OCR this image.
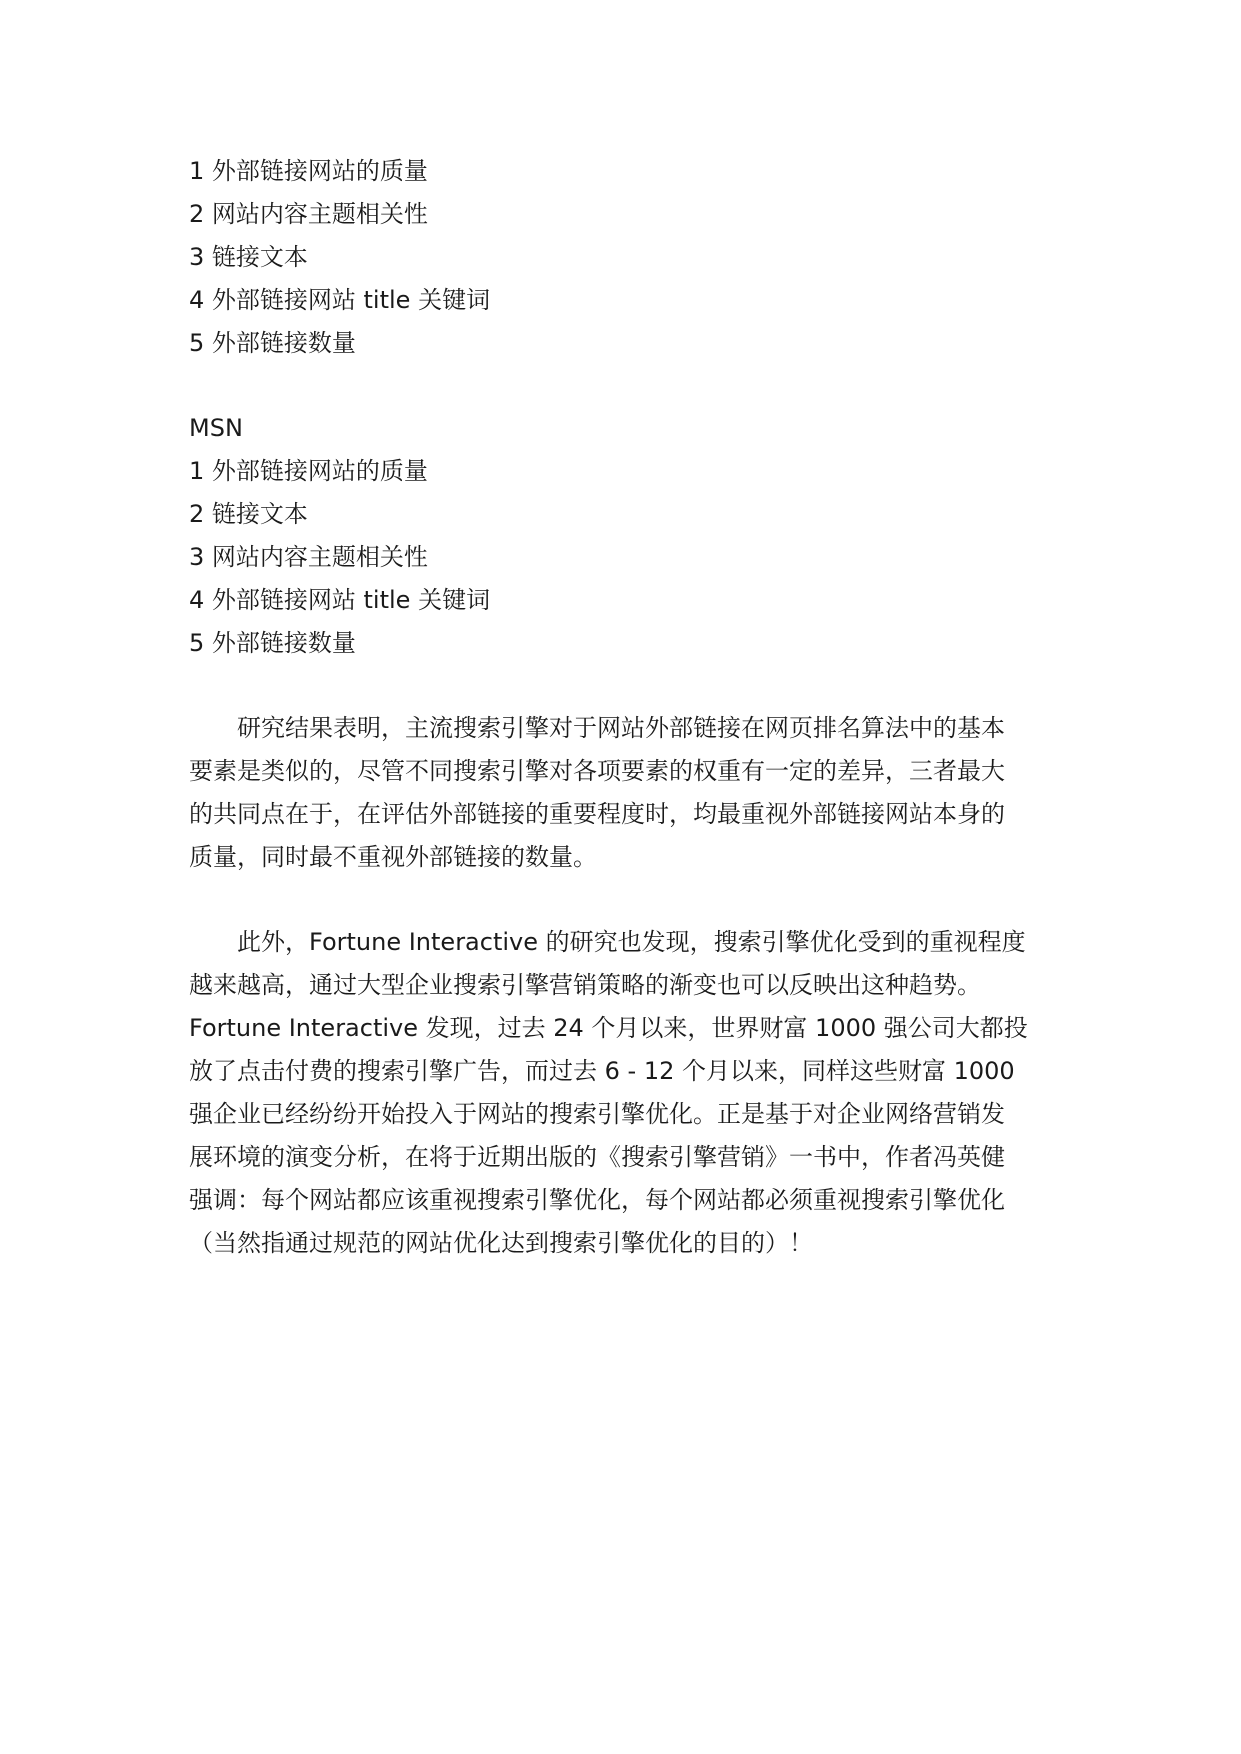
1 外部链接网站的质量

2 网站内容主题相关性

3 链接文本

4 外部链接网站 title 关键词

5 外部链接数量

MSN

1 外部链接网站的质量

2 链接文本

3 网站内容主题相关性

4 外部链接网站 title 关键词

5 外部链接数量

研究结果表明，主流搜索引擎对于网站外部链接在网页排名算法中的基本
要素是类似的，尽管不同搜索引擎对各项要素的权重有一定的差异，三者最大
的共同点在于，在评估外部链接的重要程度时，均最重视外部链接网站本身的
质量，同时最不重视外部链接的数量。
此外，Fortune Interactive 的研究也发现，搜索引擎优化受到的重视程度
越来越高，通过大型企业搜索引擎营销策略的渐变也可以反映出这种趋势。
Fortune Interactive 发现，过去 24 个月以来，世界财富 1000 强公司大都投
放了点击付费的搜索引擎广告，而过去 6 - 12 个月以来，同样这些财富 1000
强企业已经纷纷开始投入于网站的搜索引擎优化。正是基于对企业网络营销发
展环境的演变分析，在将于近期出版的《搜索引擎营销》一书中，作者冯英健
强调：每个网站都应该重视搜索引擎优化，每个网站都必须重视搜索引擎优化
（当然指通过规范的网站优化达到搜索引擎优化的目的）！
